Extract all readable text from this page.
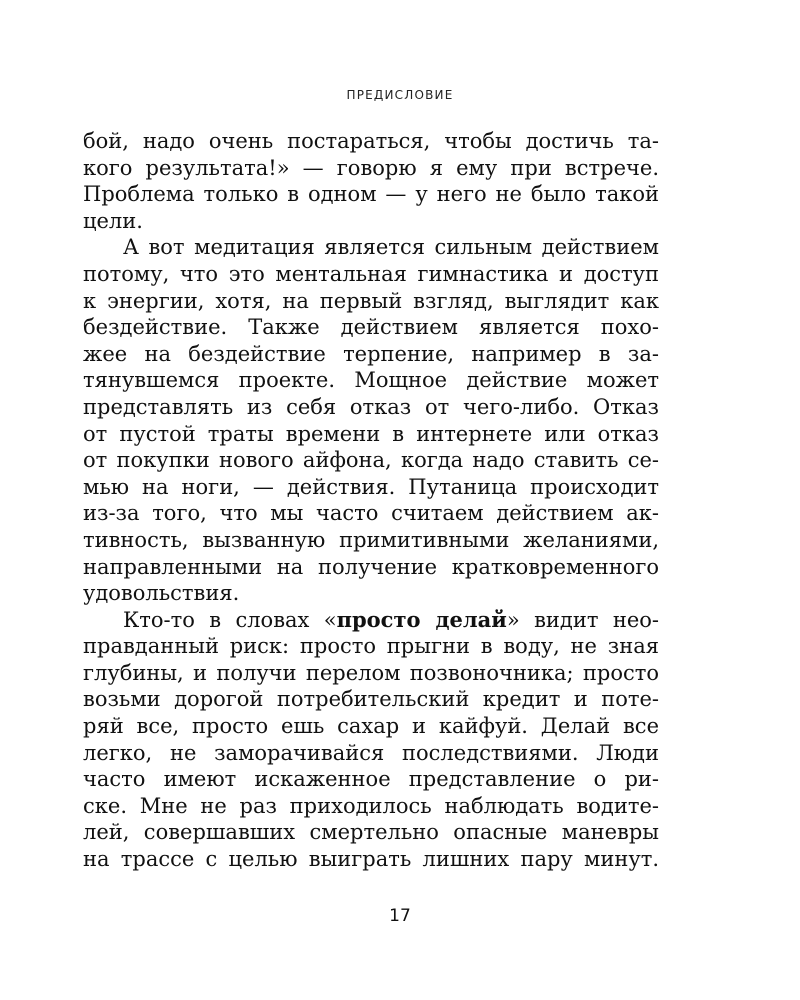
ПРЕДИСЛОВИЕ
бой, надо очень постараться, чтобы достичь та-
кого результата!» — говорю я ему при встрече.
Проблема только в одном — у него не было такой
цели.
А вот медитация является сильным действием
потому, что это ментальная гимнастика и доступ
к энергии, хотя, на первый взгляд, выглядит как
бездействие. Также действием является похо-
жее на бездействие терпение, например в за-
тянувшемся проекте. Мощное действие может
представлять из себя отказ от чего-либо. Отказ
от пустой траты времени в интернете или отказ
от покупки нового айфона, когда надо ставить се-
мью на ноги, — действия. Путаница происходит
из-за того, что мы часто считаем действием ак-
тивность, вызванную примитивными желаниями,
направленными на получение кратковременного
удовольствия.
Кто-то в словах «просто делай» видит нео-
правданный риск: просто прыгни в воду, не зная
глубины, и получи перелом позвоночника; просто
возьми дорогой потребительский кредит и поте-
ряй все, просто ешь сахар и кайфуй. Делай все
легко, не заморачивайся последствиями. Люди
часто имеют искаженное представление о ри-
ске. Мне не раз приходилось наблюдать водите-
лей, совершавших смертельно опасные маневры
на трассе с целью выиграть лишних пару минут.
17
